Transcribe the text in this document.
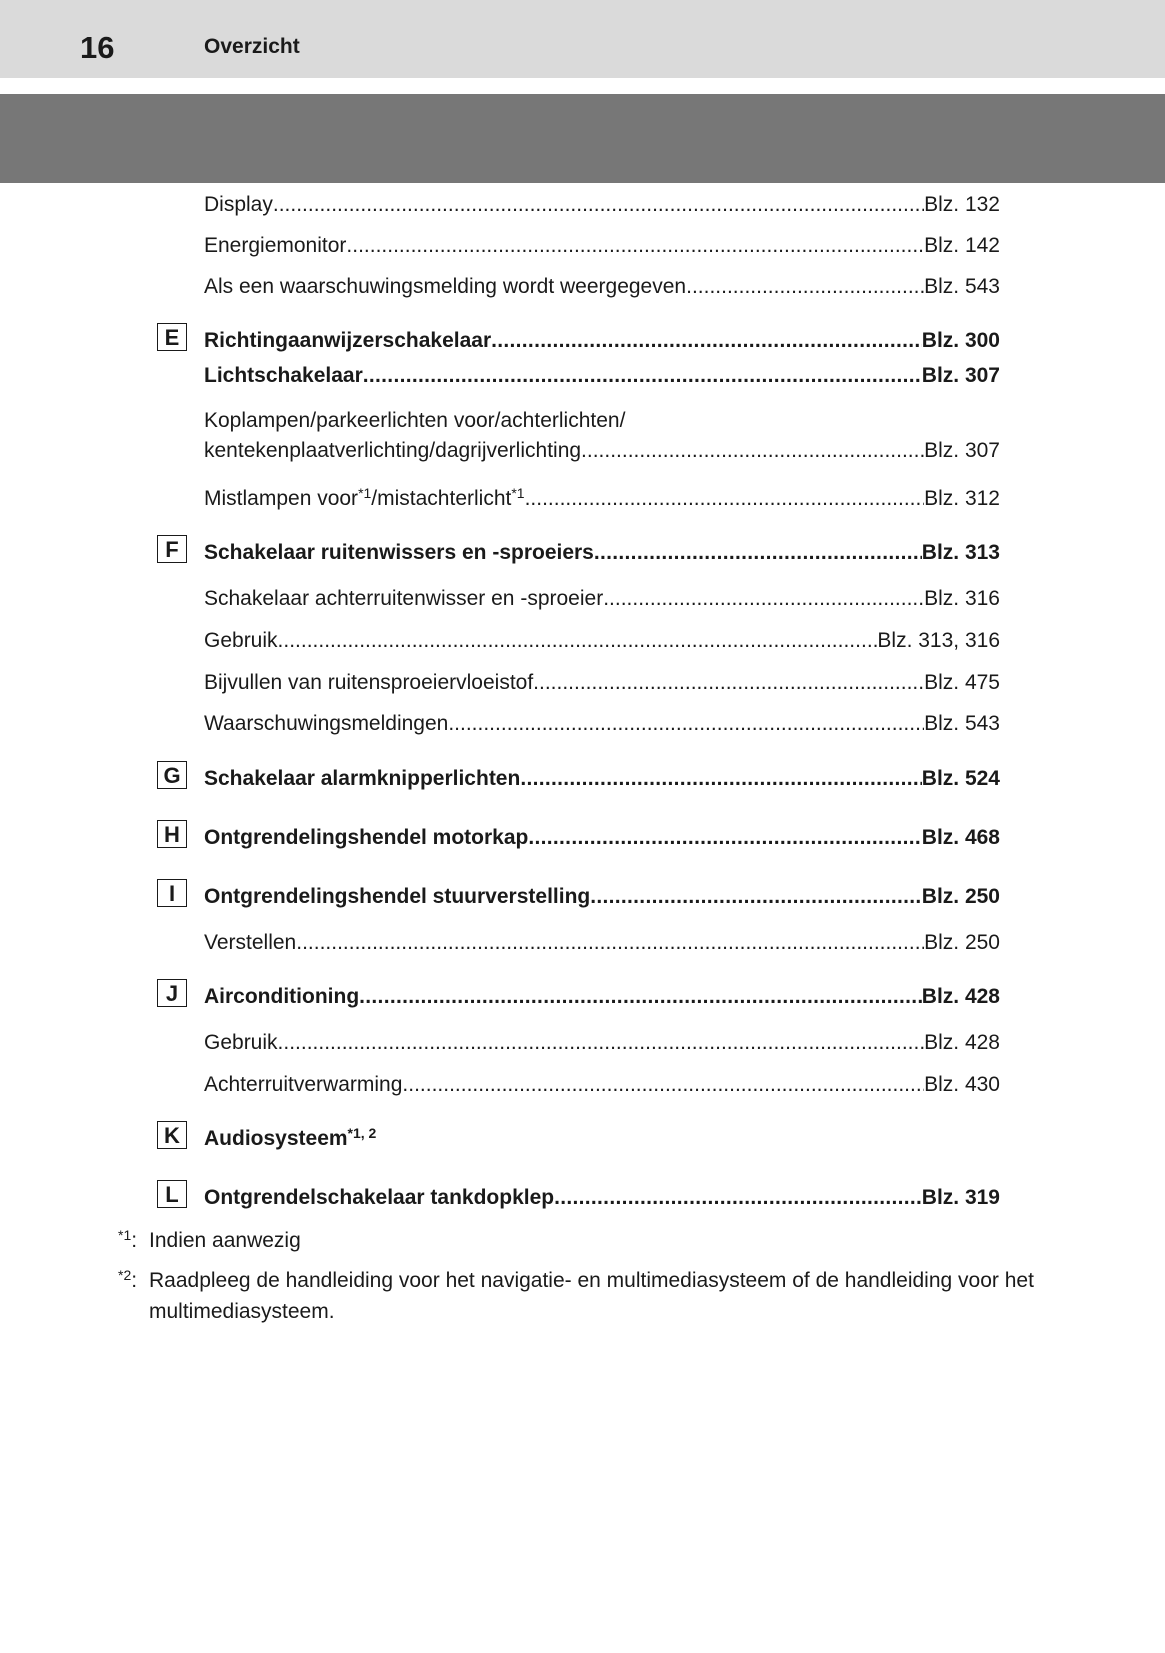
16	Overzicht
Display .....	Blz. 132
Energiemonitor .....	Blz. 142
Als een waarschuwingsmelding wordt weergegeven .....	Blz. 543
E	Richtingaanwijzerschakelaar .....	Blz. 300
Lichtschakelaar .....	Blz. 307
Koplampen/parkeerlichten voor/achterlichten/
kentekenplaatverlichting/dagrijverlichting .....	Blz. 307
Mistlampen voor$^{*1}$/mistachterlicht$^{*1}$ .....	Blz. 312
F	Schakelaar ruitenwissers en -sproeiers .....	Blz. 313
Schakelaar achterruitenwisser en -sproeier .....	Blz. 316
Gebruik .....	Blz. 313, 316
Bijvullen van ruitensproeiervloeistof .....	Blz. 475
Waarschuwingsmeldingen .....	Blz. 543
G	Schakelaar alarmknipperlichten .....	Blz. 524
H	Ontgrendelingshendel motorkap .....	Blz. 468
I	Ontgrendelingshendel stuurverstelling .....	Blz. 250
Verstellen .....	Blz. 250
J	Airconditioning .....	Blz. 428
Gebruik .....	Blz. 428
Achterruitverwarming .....	Blz. 430
K	Audiosysteem$^{*1, 2}$
L	Ontgrendelschakelaar tankdopklep .....	Blz. 319
$^{*1}$: Indien aanwezig
$^{*2}$: Raadpleeg de handleiding voor het navigatie- en multimediasysteem of de handleiding voor het multimediasysteem.
